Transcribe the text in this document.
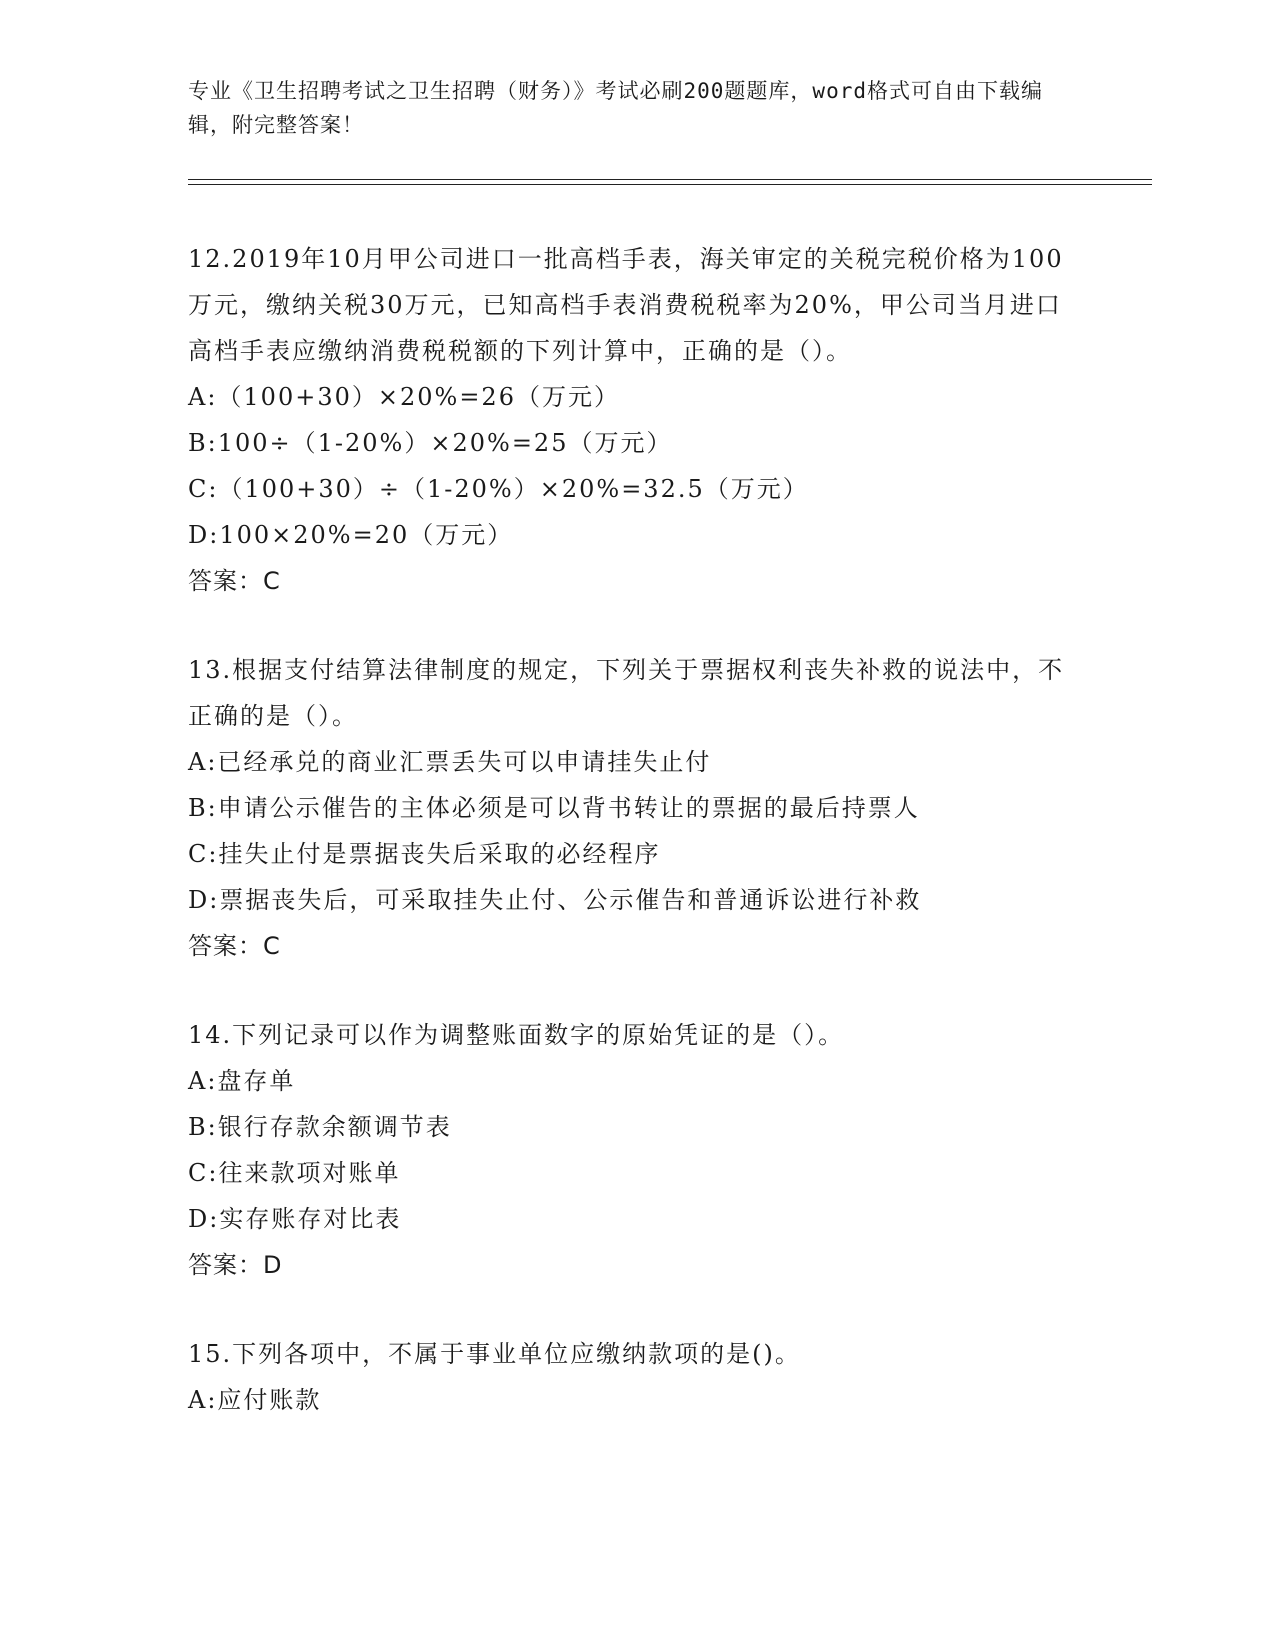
专业《卫生招聘考试之卫生招聘（财务）》考试必刷200题题库，word格式可自由下载编辑，附完整答案！

12.2019年10月甲公司进口一批高档手表，海关审定的关税完税价格为100万元，缴纳关税30万元，已知高档手表消费税税率为20%，甲公司当月进口高档手表应缴纳消费税税额的下列计算中，正确的是（）。

A:（100+30）×20%=26（万元）

B:100÷（1-20%）×20%=25（万元）

C:（100+30）÷（1-20%）×20%=32.5（万元）

D:100×20%=20（万元）

答案：C

13.根据支付结算法律制度的规定，下列关于票据权利丧失补救的说法中，不正确的是（）。

A:已经承兑的商业汇票丢失可以申请挂失止付

B:申请公示催告的主体必须是可以背书转让的票据的最后持票人

C:挂失止付是票据丧失后采取的必经程序

D:票据丧失后，可采取挂失止付、公示催告和普通诉讼进行补救

答案：C

14.下列记录可以作为调整账面数字的原始凭证的是（）。

A:盘存单

B:银行存款余额调节表

C:往来款项对账单

D:实存账存对比表

答案：D

15.下列各项中，不属于事业单位应缴纳款项的是()。

A:应付账款
